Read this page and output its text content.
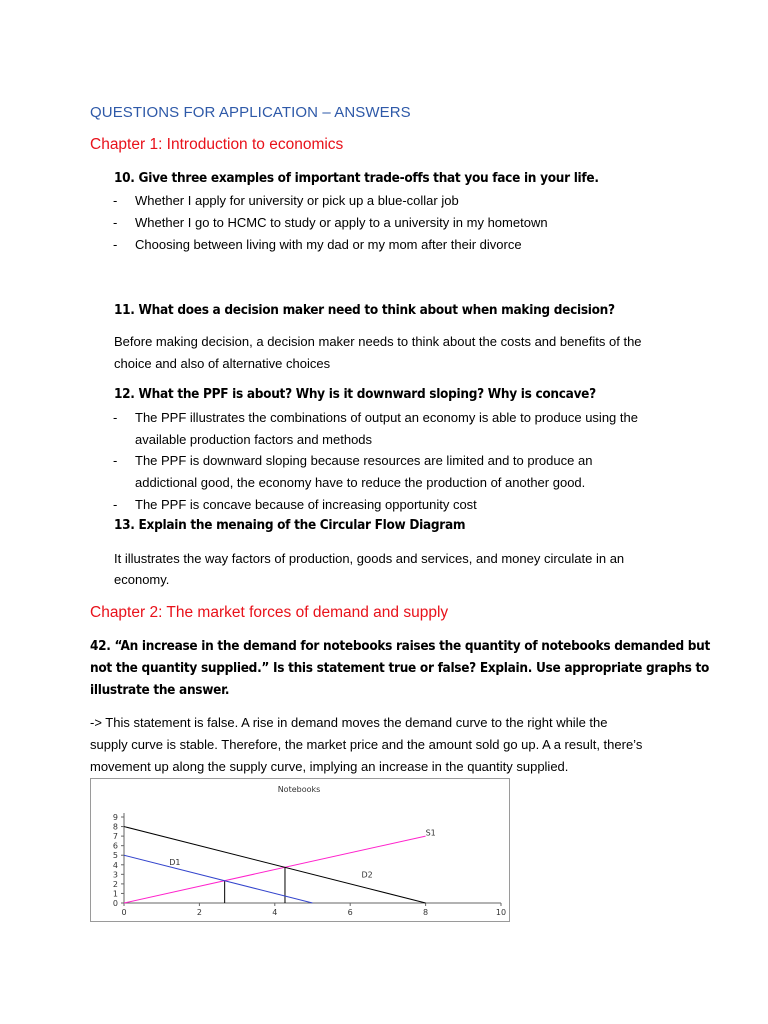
QUESTIONS FOR APPLICATION – ANSWERS
Chapter 1: Introduction to economics
10. Give three examples of important trade-offs that you face in your life.
- Whether I apply for university or pick up a blue-collar job
- Whether I go to HCMC to study or apply to a university in my hometown
- Choosing between living with my dad or my mom after their divorce
11. What does a decision maker need to think about when making decision?
Before making decision, a decision maker needs to think about the costs and benefits of the
choice and also of alternative choices
12. What the PPF is about? Why is it downward sloping? Why is concave?
- The PPF illustrates the combinations of output an economy is able to produce using the
available production factors and methods
- The PPF is downward sloping because resources are limited and to produce an
addictional good, the economy have to reduce the production of another good.
- The PPF is concave because of increasing opportunity cost
13. Explain the menaing of the Circular Flow Diagram
It illustrates the way factors of production, goods and services, and money circulate in an
economy.
Chapter 2: The market forces of demand and supply
42. “An increase in the demand for notebooks raises the quantity of notebooks demanded but
not the quantity supplied.” Is this statement true or false? Explain. Use appropriate graphs to
illustrate the answer.
-> This statement is false. A rise in demand moves the demand curve to the right while the
supply curve is stable. Therefore, the market price and the amount sold go up. A a result, there’s
movement up along the supply curve, implying an increase in the quantity supplied.
Notebooks
0
1
2
3
4
5
6
7
8
9
0	2	4	6	8	10
S1
D1
D2
